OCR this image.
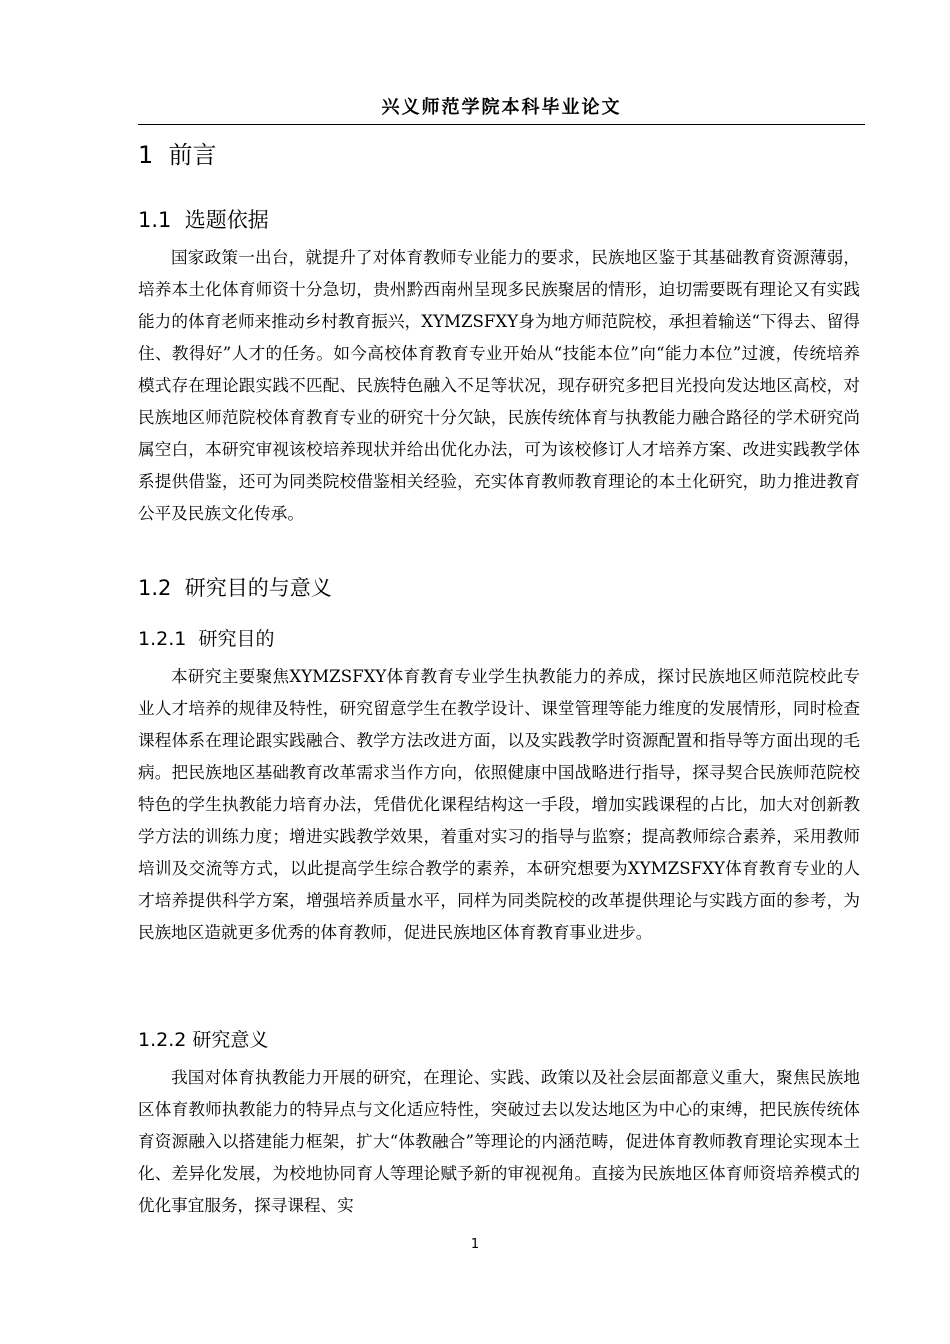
兴义师范学院本科毕业论文
1 前言
1.1 选题依据

国家政策一出台，就提升了对体育教师专业能力的要求，民族地区鉴于其基础教育资源薄弱，培养本土化体育师资十分急切，贵州黔西南州呈现多民族聚居的情形，迫切需要既有理论又有实践能力的体育老师来推动乡村教育振兴，XYMZSFXY身为地方师范院校，承担着输送“下得去、留得住、教得好”人才的任务。如今高校体育教育专业开始从“技能本位”向“能力本位”过渡，传统培养模式存在理论跟实践不匹配、民族特色融入不足等状况，现存研究多把目光投向发达地区高校，对民族地区师范院校体育教育专业的研究十分欠缺，民族传统体育与执教能力融合路径的学术研究尚属空白，本研究审视该校培养现状并给出优化办法，可为该校修订人才培养方案、改进实践教学体系提供借鉴，还可为同类院校借鉴相关经验，充实体育教师教育理论的本土化研究，助力推进教育公平及民族文化传承。

1.2 研究目的与意义
1.2.1 研究目的

本研究主要聚焦XYMZSFXY体育教育专业学生执教能力的养成，探讨民族地区师范院校此专业人才培养的规律及特性，研究留意学生在教学设计、课堂管理等能力维度的发展情形，同时检查课程体系在理论跟实践融合、教学方法改进方面，以及实践教学时资源配置和指导等方面出现的毛病。把民族地区基础教育改革需求当作方向，依照健康中国战略进行指导，探寻契合民族师范院校特色的学生执教能力培育办法，凭借优化课程结构这一手段，增加实践课程的占比，加大对创新教学方法的训练力度；增进实践教学效果，着重对实习的指导与监察；提高教师综合素养，采用教师培训及交流等方式，以此提高学生综合教学的素养，本研究想要为XYMZSFXY体育教育专业的人才培养提供科学方案，增强培养质量水平，同样为同类院校的改革提供理论与实践方面的参考，为民族地区造就更多优秀的体育教师，促进民族地区体育教育事业进步。

1.2.2 研究意义

我国对体育执教能力开展的研究，在理论、实践、政策以及社会层面都意义重大，聚焦民族地区体育教师执教能力的特异点与文化适应特性，突破过去以发达地区为中心的束缚，把民族传统体育资源融入以搭建能力框架，扩大“体教融合”等理论的内涵范畴，促进体育教师教育理论实现本土化、差异化发展，为校地协同育人等理论赋予新的审视视角。直接为民族地区体育师资培养模式的优化事宜服务，探寻课程、实

1
